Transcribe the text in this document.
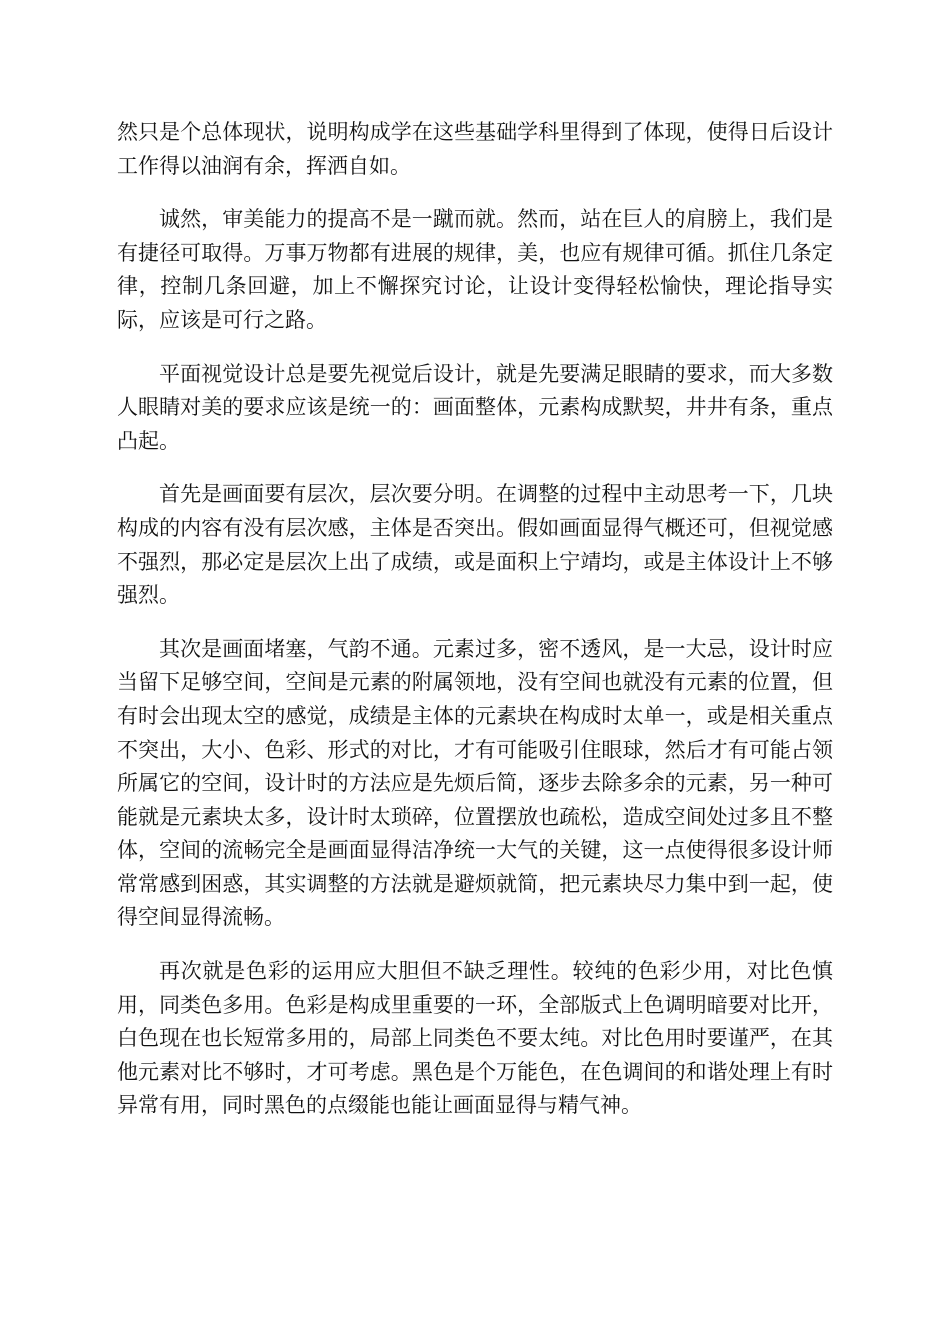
然只是个总体现状，说明构成学在这些基础学科里得到了体现，使得日后设计工作得以油润有余，挥洒自如。

诚然，审美能力的提高不是一蹴而就。然而，站在巨人的肩膀上，我们是有捷径可取得。万事万物都有进展的规律，美，也应有规律可循。抓住几条定律，控制几条回避，加上不懈探究讨论，让设计变得轻松愉快，理论指导实际，应该是可行之路。

平面视觉设计总是要先视觉后设计，就是先要满足眼睛的要求，而大多数人眼睛对美的要求应该是统一的：画面整体，元素构成默契，井井有条，重点凸起。

首先是画面要有层次，层次要分明。在调整的过程中主动思考一下，几块构成的内容有没有层次感，主体是否突出。假如画面显得气概还可，但视觉感不强烈，那必定是层次上出了成绩，或是面积上宁靖均，或是主体设计上不够强烈。

其次是画面堵塞，气韵不通。元素过多，密不透风，是一大忌，设计时应当留下足够空间，空间是元素的附属领地，没有空间也就没有元素的位置，但有时会出现太空的感觉，成绩是主体的元素块在构成时太单一，或是相关重点不突出，大小、色彩、形式的对比，才有可能吸引住眼球，然后才有可能占领所属它的空间，设计时的方法应是先烦后简，逐步去除多余的元素，另一种可能就是元素块太多，设计时太琐碎，位置摆放也疏松，造成空间处过多且不整体，空间的流畅完全是画面显得洁净统一大气的关键，这一点使得很多设计师常常感到困惑，其实调整的方法就是避烦就简，把元素块尽力集中到一起，使得空间显得流畅。

再次就是色彩的运用应大胆但不缺乏理性。较纯的色彩少用，对比色慎用，同类色多用。色彩是构成里重要的一环，全部版式上色调明暗要对比开，白色现在也长短常多用的，局部上同类色不要太纯。对比色用时要谨严，在其他元素对比不够时，才可考虑。黑色是个万能色，在色调间的和谐处理上有时异常有用，同时黑色的点缀能也能让画面显得与精气神。
